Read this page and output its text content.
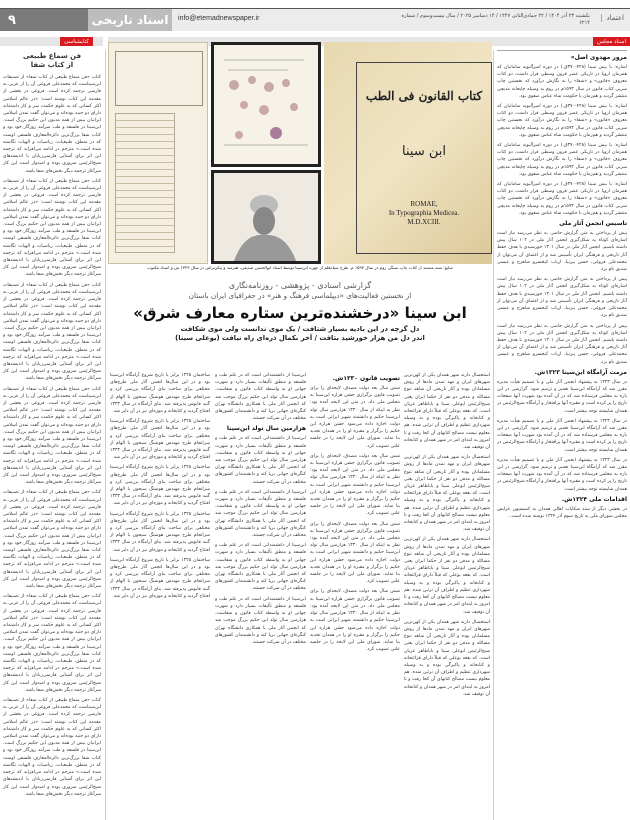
۹	اسناد تاریخی	info@etemadnewspaper.ir	یکشنبه ۲۳ آذر ۱۴۰۴ / ۲۲ جمادی‌الثانی ۱۴۴۷ / ۱۴ دسامبر ۲۰۲۵ / سال بیست‌وسوم / شماره ۶۲۱۴
اعتماد
اسناد مجلس
کتابشناسی
فن سماع طبیعی
از کتاب شفا

کتاب «فن سماع طبیعی از کتاب شفا» از تصنیفات ابن‌سیناست که محمدعلی فروغی آن را از عربی به فارسی ترجمه کرده است. فروغی در بخشی از مقدمه این کتاب نوشته است: «در عالم اسلامی اکثر کسانی که به علوم حکمت سر و کار داشته‌اند دارای دو جنبه بوده‌اند و می‌توان گفت تمدن اسلامی ایرانیان بیش از همه مدیون این حکیم بزرگ است. ابن‌سینا در فلسفه و طب سرآمد روزگار خود بود و کتاب شفا بزرگ‌ترین دائره‌المعارف فلسفی اوست که در منطق، طبیعیات، ریاضیات و الهیات نگاشته شده است.» مترجم در ادامه می‌افزاید که ترجمه این اثر برای آشنایی فارسی‌زبانان با اندیشه‌های شیخ‌الرئیس ضروری بوده و امیدوار است این کار سرآغاز ترجمه دیگر بخش‌های شفا باشد.

کتاب «فن سماع طبیعی از کتاب شفا» از تصنیفات ابن‌سیناست که محمدعلی فروغی آن را از عربی به فارسی ترجمه کرده است. فروغی در بخشی از مقدمه این کتاب نوشته است: «در عالم اسلامی اکثر کسانی که به علوم حکمت سر و کار داشته‌اند دارای دو جنبه بوده‌اند و می‌توان گفت تمدن اسلامی ایرانیان بیش از همه مدیون این حکیم بزرگ است. ابن‌سینا در فلسفه و طب سرآمد روزگار خود بود و کتاب شفا بزرگ‌ترین دائره‌المعارف فلسفی اوست که در منطق، طبیعیات، ریاضیات و الهیات نگاشته شده است.» مترجم در ادامه می‌افزاید که ترجمه این اثر برای آشنایی فارسی‌زبانان با اندیشه‌های شیخ‌الرئیس ضروری بوده و امیدوار است این کار سرآغاز ترجمه دیگر بخش‌های شفا باشد.

کتاب «فن سماع طبیعی از کتاب شفا» از تصنیفات ابن‌سیناست که محمدعلی فروغی آن را از عربی به فارسی ترجمه کرده است. فروغی در بخشی از مقدمه این کتاب نوشته است: «در عالم اسلامی اکثر کسانی که به علوم حکمت سر و کار داشته‌اند دارای دو جنبه بوده‌اند و می‌توان گفت تمدن اسلامی ایرانیان بیش از همه مدیون این حکیم بزرگ است. ابن‌سینا در فلسفه و طب سرآمد روزگار خود بود و کتاب شفا بزرگ‌ترین دائره‌المعارف فلسفی اوست که در منطق، طبیعیات، ریاضیات و الهیات نگاشته شده است.» مترجم در ادامه می‌افزاید که ترجمه این اثر برای آشنایی فارسی‌زبانان با اندیشه‌های شیخ‌الرئیس ضروری بوده و امیدوار است این کار سرآغاز ترجمه دیگر بخش‌های شفا باشد.

کتاب «فن سماع طبیعی از کتاب شفا» از تصنیفات ابن‌سیناست که محمدعلی فروغی آن را از عربی به فارسی ترجمه کرده است. فروغی در بخشی از مقدمه این کتاب نوشته است: «در عالم اسلامی اکثر کسانی که به علوم حکمت سر و کار داشته‌اند دارای دو جنبه بوده‌اند و می‌توان گفت تمدن اسلامی ایرانیان بیش از همه مدیون این حکیم بزرگ است. ابن‌سینا در فلسفه و طب سرآمد روزگار خود بود و کتاب شفا بزرگ‌ترین دائره‌المعارف فلسفی اوست که در منطق، طبیعیات، ریاضیات و الهیات نگاشته شده است.» مترجم در ادامه می‌افزاید که ترجمه این اثر برای آشنایی فارسی‌زبانان با اندیشه‌های شیخ‌الرئیس ضروری بوده و امیدوار است این کار سرآغاز ترجمه دیگر بخش‌های شفا باشد.

کتاب «فن سماع طبیعی از کتاب شفا» از تصنیفات ابن‌سیناست که محمدعلی فروغی آن را از عربی به فارسی ترجمه کرده است. فروغی در بخشی از مقدمه این کتاب نوشته است: «در عالم اسلامی اکثر کسانی که به علوم حکمت سر و کار داشته‌اند دارای دو جنبه بوده‌اند و می‌توان گفت تمدن اسلامی ایرانیان بیش از همه مدیون این حکیم بزرگ است. ابن‌سینا در فلسفه و طب سرآمد روزگار خود بود و کتاب شفا بزرگ‌ترین دائره‌المعارف فلسفی اوست که در منطق، طبیعیات، ریاضیات و الهیات نگاشته شده است.» مترجم در ادامه می‌افزاید که ترجمه این اثر برای آشنایی فارسی‌زبانان با اندیشه‌های شیخ‌الرئیس ضروری بوده و امیدوار است این کار سرآغاز ترجمه دیگر بخش‌های شفا باشد.

کتاب «فن سماع طبیعی از کتاب شفا» از تصنیفات ابن‌سیناست که محمدعلی فروغی آن را از عربی به فارسی ترجمه کرده است. فروغی در بخشی از مقدمه این کتاب نوشته است: «در عالم اسلامی اکثر کسانی که به علوم حکمت سر و کار داشته‌اند دارای دو جنبه بوده‌اند و می‌توان گفت تمدن اسلامی ایرانیان بیش از همه مدیون این حکیم بزرگ است. ابن‌سینا در فلسفه و طب سرآمد روزگار خود بود و کتاب شفا بزرگ‌ترین دائره‌المعارف فلسفی اوست که در منطق، طبیعیات، ریاضیات و الهیات نگاشته شده است.» مترجم در ادامه می‌افزاید که ترجمه این اثر برای آشنایی فارسی‌زبانان با اندیشه‌های شیخ‌الرئیس ضروری بوده و امیدوار است این کار سرآغاز ترجمه دیگر بخش‌های شفا باشد.

کتاب «فن سماع طبیعی از کتاب شفا» از تصنیفات ابن‌سیناست که محمدعلی فروغی آن را از عربی به فارسی ترجمه کرده است. فروغی در بخشی از مقدمه این کتاب نوشته است: «در عالم اسلامی اکثر کسانی که به علوم حکمت سر و کار داشته‌اند دارای دو جنبه بوده‌اند و می‌توان گفت تمدن اسلامی ایرانیان بیش از همه مدیون این حکیم بزرگ است. ابن‌سینا در فلسفه و طب سرآمد روزگار خود بود و کتاب شفا بزرگ‌ترین دائره‌المعارف فلسفی اوست که در منطق، طبیعیات، ریاضیات و الهیات نگاشته شده است.» مترجم در ادامه می‌افزاید که ترجمه این اثر برای آشنایی فارسی‌زبانان با اندیشه‌های شیخ‌الرئیس ضروری بوده و امیدوار است این کار سرآغاز ترجمه دیگر بخش‌های شفا باشد.

کتاب القانون فی الطب
ابن سینا
ROMAE,
In Typographia Medicea.
M.D.XCIII.
منابع: سند مستند از کتاب چاپ سنگی روم در سال ۱۵۹۳ م، طرح سیاه‌قلم از چهره ابن‌سینا توسط استاد ابوالحسن صدیقی، هنرمند و پیکرتراش در سال ۱۳۲۳ ش و اسناد مکتوب
گزارشی اسنادی - پژوهشی - روزنامه‌نگاری
از نخستین فعالیت‌های «دیپلماسی فرهنگ و هنر» در جغرافیای ایران باستان
ابن سینا «درخشنده‌ترین ستاره معارف شرق»
دل گرچه در این بادیه بسیار شتافت / یک موی ندانست ولی موی شکافت
اندر دل من هزار خورشید بتافت / آخر بکمال ذره‌ای راه نیافت (بوعلی سینا)

استحصال دارند شهر همدان یکی از کهن‌ترین شهرهای ایران و مهد تمدن مادها از روش مسلمانان بوده و آثار تاریخی آن شاهد تنوع مسائله و مدفن دو نفر از حکما ایران یعنی شیخ‌الرئیس ابوعلی سینا و باباطاهر عریان است. که بقعه بوعلی که قبلاً دارای قرائتخانه و کتابخانه و پاکیزگی بوده و به وسیله شهرداری تنظیم و اطراف آن تزئین شده. هم معلوم نیست مصالح کتابهای آن کجا رفت و تا امروز به ابتدای امر در شهر همدان و کتابخانه آن توقیف شد.

استحصال دارند شهر همدان یکی از کهن‌ترین شهرهای ایران و مهد تمدن مادها از روش مسلمانان بوده و آثار تاریخی آن شاهد تنوع مسائله و مدفن دو نفر از حکما ایران یعنی شیخ‌الرئیس ابوعلی سینا و باباطاهر عریان است. که بقعه بوعلی که قبلاً دارای قرائتخانه و کتابخانه و پاکیزگی بوده و به وسیله شهرداری تنظیم و اطراف آن تزئین شده. هم معلوم نیست مصالح کتابهای آن کجا رفت و تا امروز به ابتدای امر در شهر همدان و کتابخانه آن توقیف شد.

استحصال دارند شهر همدان یکی از کهن‌ترین شهرهای ایران و مهد تمدن مادها از روش مسلمانان بوده و آثار تاریخی آن شاهد تنوع مسائله و مدفن دو نفر از حکما ایران یعنی شیخ‌الرئیس ابوعلی سینا و باباطاهر عریان است. که بقعه بوعلی که قبلاً دارای قرائتخانه و کتابخانه و پاکیزگی بوده و به وسیله شهرداری تنظیم و اطراف آن تزئین شده. هم معلوم نیست مصالح کتابهای آن کجا رفت و تا امروز به ابتدای امر در شهر همدان و کتابخانه آن توقیف شد.

استحصال دارند شهر همدان یکی از کهن‌ترین شهرهای ایران و مهد تمدن مادها از روش مسلمانان بوده و آثار تاریخی آن شاهد تنوع مسائله و مدفن دو نفر از حکما ایران یعنی شیخ‌الرئیس ابوعلی سینا و باباطاهر عریان است. که بقعه بوعلی که قبلاً دارای قرائتخانه و کتابخانه و پاکیزگی بوده و به وسیله شهرداری تنظیم و اطراف آن تزئین شده. هم معلوم نیست مصالح کتابهای آن کجا رفت و تا امروز به ابتدای امر در شهر همدان و کتابخانه آن توقیف شد.

تصویب قانون ۱۳۳۰ش.

شش سال بعد دولت مصدق، لایحه‌ای را برای تصویب قانون برگزاری جشن هزاره ابن‌سینا به مجلس ملی داد. در متن این لایحه آمده بود: نظر به اینکه از سال ۱۳۳۰ هزارمین سال تولد ابن‌سینا حکیم و دانشمند شهیر ایرانی است به دولت اجازه داده می‌شود جشن هزاره این حکیم را برگزار و مقبره او را در همدان تجدید بنا نماید. شورای ملی این لایحه را در جلسه علنی تصویب کرد.

شش سال بعد دولت مصدق، لایحه‌ای را برای تصویب قانون برگزاری جشن هزاره ابن‌سینا به مجلس ملی داد. در متن این لایحه آمده بود: نظر به اینکه از سال ۱۳۳۰ هزارمین سال تولد ابن‌سینا حکیم و دانشمند شهیر ایرانی است به دولت اجازه داده می‌شود جشن هزاره این حکیم را برگزار و مقبره او را در همدان تجدید بنا نماید. شورای ملی این لایحه را در جلسه علنی تصویب کرد.

شش سال بعد دولت مصدق، لایحه‌ای را برای تصویب قانون برگزاری جشن هزاره ابن‌سینا به مجلس ملی داد. در متن این لایحه آمده بود: نظر به اینکه از سال ۱۳۳۰ هزارمین سال تولد ابن‌سینا حکیم و دانشمند شهیر ایرانی است به دولت اجازه داده می‌شود جشن هزاره این حکیم را برگزار و مقبره او را در همدان تجدید بنا نماید. شورای ملی این لایحه را در جلسه علنی تصویب کرد.

شش سال بعد دولت مصدق، لایحه‌ای را برای تصویب قانون برگزاری جشن هزاره ابن‌سینا به مجلس ملی داد. در متن این لایحه آمده بود: نظر به اینکه از سال ۱۳۳۰ هزارمین سال تولد ابن‌سینا حکیم و دانشمند شهیر ایرانی است به دولت اجازه داده می‌شود جشن هزاره این حکیم را برگزار و مقبره او را در همدان تجدید بنا نماید. شورای ملی این لایحه را در جلسه علنی تصویب کرد.

ابن‌سینا از دانشمندانی است که در علم طب و فلسفه و منطق تألیفات بسیار دارد و شهرت جهانی او به واسطه کتاب قانون و شفاست. هزارمین سال تولد این حکیم بزرگ موجب شد که انجمن آثار ملی با همکاری دانشگاه تهران کنگره‌ای جهانی برپا کند و دانشمندان کشورهای مختلف در آن شرکت جستند.

هزارمین سال تولد ابن‌سینا

ابن‌سینا از دانشمندانی است که در علم طب و فلسفه و منطق تألیفات بسیار دارد و شهرت جهانی او به واسطه کتاب قانون و شفاست. هزارمین سال تولد این حکیم بزرگ موجب شد که انجمن آثار ملی با همکاری دانشگاه تهران کنگره‌ای جهانی برپا کند و دانشمندان کشورهای مختلف در آن شرکت جستند.

ابن‌سینا از دانشمندانی است که در علم طب و فلسفه و منطق تألیفات بسیار دارد و شهرت جهانی او به واسطه کتاب قانون و شفاست. هزارمین سال تولد این حکیم بزرگ موجب شد که انجمن آثار ملی با همکاری دانشگاه تهران کنگره‌ای جهانی برپا کند و دانشمندان کشورهای مختلف در آن شرکت جستند.

ابن‌سینا از دانشمندانی است که در علم طب و فلسفه و منطق تألیفات بسیار دارد و شهرت جهانی او به واسطه کتاب قانون و شفاست. هزارمین سال تولد این حکیم بزرگ موجب شد که انجمن آثار ملی با همکاری دانشگاه تهران کنگره‌ای جهانی برپا کند و دانشمندان کشورهای مختلف در آن شرکت جستند.

ابن‌سینا از دانشمندانی است که در علم طب و فلسفه و منطق تألیفات بسیار دارد و شهرت جهانی او به واسطه کتاب قانون و شفاست. هزارمین سال تولد این حکیم بزرگ موجب شد که انجمن آثار ملی با همکاری دانشگاه تهران کنگره‌ای جهانی برپا کند و دانشمندان کشورهای مختلف در آن شرکت جستند.

ساختمان ۱۳۲۵ برابر با تاریخ شروع آرامگاه ابن‌سینا بود و در این سال‌ها انجمن آثار ملی طرح‌های مختلفی برای ساخت بنای آرامگاه بررسی کرد و سرانجام طرح مهندس هوشنگ سیحون با الهام از گنبد قابوس پذیرفته شد. بنای آرامگاه در سال ۱۳۳۳ افتتاح گردید و کتابخانه و موزه‌ای نیز در آن دایر شد.

ساختمان ۱۳۲۵ برابر با تاریخ شروع آرامگاه ابن‌سینا بود و در این سال‌ها انجمن آثار ملی طرح‌های مختلفی برای ساخت بنای آرامگاه بررسی کرد و سرانجام طرح مهندس هوشنگ سیحون با الهام از گنبد قابوس پذیرفته شد. بنای آرامگاه در سال ۱۳۳۳ افتتاح گردید و کتابخانه و موزه‌ای نیز در آن دایر شد.

ساختمان ۱۳۲۵ برابر با تاریخ شروع آرامگاه ابن‌سینا بود و در این سال‌ها انجمن آثار ملی طرح‌های مختلفی برای ساخت بنای آرامگاه بررسی کرد و سرانجام طرح مهندس هوشنگ سیحون با الهام از گنبد قابوس پذیرفته شد. بنای آرامگاه در سال ۱۳۳۳ افتتاح گردید و کتابخانه و موزه‌ای نیز در آن دایر شد.

ساختمان ۱۳۲۵ برابر با تاریخ شروع آرامگاه ابن‌سینا بود و در این سال‌ها انجمن آثار ملی طرح‌های مختلفی برای ساخت بنای آرامگاه بررسی کرد و سرانجام طرح مهندس هوشنگ سیحون با الهام از گنبد قابوس پذیرفته شد. بنای آرامگاه در سال ۱۳۳۳ افتتاح گردید و کتابخانه و موزه‌ای نیز در آن دایر شد.

ساختمان ۱۳۲۵ برابر با تاریخ شروع آرامگاه ابن‌سینا بود و در این سال‌ها انجمن آثار ملی طرح‌های مختلفی برای ساخت بنای آرامگاه بررسی کرد و سرانجام طرح مهندس هوشنگ سیحون با الهام از گنبد قابوس پذیرفته شد. بنای آرامگاه در سال ۱۳۳۳ افتتاح گردید و کتابخانه و موزه‌ای نیز در آن دایر شد.

مرور مهدوی اصل»

اشاره: با بیش سینا (۴۲۸-۳۷۰ق.) در دوره امیرآلبویه سامانیان که همزمان اروپا در تاریکی عصر قرون وسطی قرار داشت، دو کتاب معروف «قانون» و «شفا» را به نگارش درآورد که نخستین چاپ سربی کتاب قانون در سال ۱۵۹۳م در روم به وسیله چاپخانه مدیچی منتشر گردید و هم‌زمان با حکومت شاه عباس صفوی بود.

اشاره: با بیش سینا (۴۲۸-۳۷۰ق.) در دوره امیرآلبویه سامانیان که همزمان اروپا در تاریکی عصر قرون وسطی قرار داشت، دو کتاب معروف «قانون» و «شفا» را به نگارش درآورد که نخستین چاپ سربی کتاب قانون در سال ۱۵۹۳م در روم به وسیله چاپخانه مدیچی منتشر گردید و هم‌زمان با حکومت شاه عباس صفوی بود.

اشاره: با بیش سینا (۴۲۸-۳۷۰ق.) در دوره امیرآلبویه سامانیان که همزمان اروپا در تاریکی عصر قرون وسطی قرار داشت، دو کتاب معروف «قانون» و «شفا» را به نگارش درآورد که نخستین چاپ سربی کتاب قانون در سال ۱۵۹۳م در روم به وسیله چاپخانه مدیچی منتشر گردید و هم‌زمان با حکومت شاه عباس صفوی بود.

اشاره: با بیش سینا (۴۲۸-۳۷۰ق.) در دوره امیرآلبویه سامانیان که همزمان اروپا در تاریکی عصر قرون وسطی قرار داشت، دو کتاب معروف «قانون» و «شفا» را به نگارش درآورد که نخستین چاپ سربی کتاب قانون در سال ۱۵۹۳م در روم به وسیله چاپخانه مدیچی منتشر گردید و هم‌زمان با حکومت شاه عباس صفوی بود.

تاسیس انجمن آثار ملی

پیش از پرداختن به متن گزارش حاضر، به نظر می‌رسد نیاز است اشاره‌ای کوتاه به شکل‌گیری انجمن آثار ملی در ۱۰۲ سال پیش داشته باشیم. انجمن آثار ملی در سال ۱۳۰۱ خورشیدی با هدف حفظ آثار تاریخی و فرهنگی ایران تأسیس شد و از اعضای آن می‌توان از محمدعلی فروغی، حسن پیرنیا، ارباب کیخسرو شاهرخ و عیسی صدیق نام برد.

پیش از پرداختن به متن گزارش حاضر، به نظر می‌رسد نیاز است اشاره‌ای کوتاه به شکل‌گیری انجمن آثار ملی در ۱۰۲ سال پیش داشته باشیم. انجمن آثار ملی در سال ۱۳۰۱ خورشیدی با هدف حفظ آثار تاریخی و فرهنگی ایران تأسیس شد و از اعضای آن می‌توان از محمدعلی فروغی، حسن پیرنیا، ارباب کیخسرو شاهرخ و عیسی صدیق نام برد.

پیش از پرداختن به متن گزارش حاضر، به نظر می‌رسد نیاز است اشاره‌ای کوتاه به شکل‌گیری انجمن آثار ملی در ۱۰۲ سال پیش داشته باشیم. انجمن آثار ملی در سال ۱۳۰۱ خورشیدی با هدف حفظ آثار تاریخی و فرهنگی ایران تأسیس شد و از اعضای آن می‌توان از محمدعلی فروغی، حسن پیرنیا، ارباب کیخسرو شاهرخ و عیسی صدیق نام برد.

مرمت آرامگاه ابن‌سینا ۱۳۲۳ش.

در سال ۱۳۲۳ به پیشنهاد انجمن آثار ملی و با تصمیم هیأت مدیره مقرر شد که آرامگاه ابن‌سینا تعمیر و ترمیم شود. گزارشی در این باره به مجلس فرستاده شد که در آن آمده بود شهرت آنها صفحات تاریخ را پر کرده است و مقبره آنها پرافتخار و آرامگاه شیخ‌الرئیس در همدان شایسته توجه بیشتر است.

در سال ۱۳۲۳ به پیشنهاد انجمن آثار ملی و با تصمیم هیأت مدیره مقرر شد که آرامگاه ابن‌سینا تعمیر و ترمیم شود. گزارشی در این باره به مجلس فرستاده شد که در آن آمده بود شهرت آنها صفحات تاریخ را پر کرده است و مقبره آنها پرافتخار و آرامگاه شیخ‌الرئیس در همدان شایسته توجه بیشتر است.

در سال ۱۳۲۳ به پیشنهاد انجمن آثار ملی و با تصمیم هیأت مدیره مقرر شد که آرامگاه ابن‌سینا تعمیر و ترمیم شود. گزارشی در این باره به مجلس فرستاده شد که در آن آمده بود شهرت آنها صفحات تاریخ را پر کرده است و مقبره آنها پرافتخار و آرامگاه شیخ‌الرئیس در همدان شایسته توجه بیشتر است.

اقدامات ملی ۱۳۲۴ش.

در بخشی دیگر از سند شکایات اهالی همدان به کمیسیون عرایض مجلس شورای ملی به تاریخ سوم آذر ۱۳۲۴ نوشته شده است...
